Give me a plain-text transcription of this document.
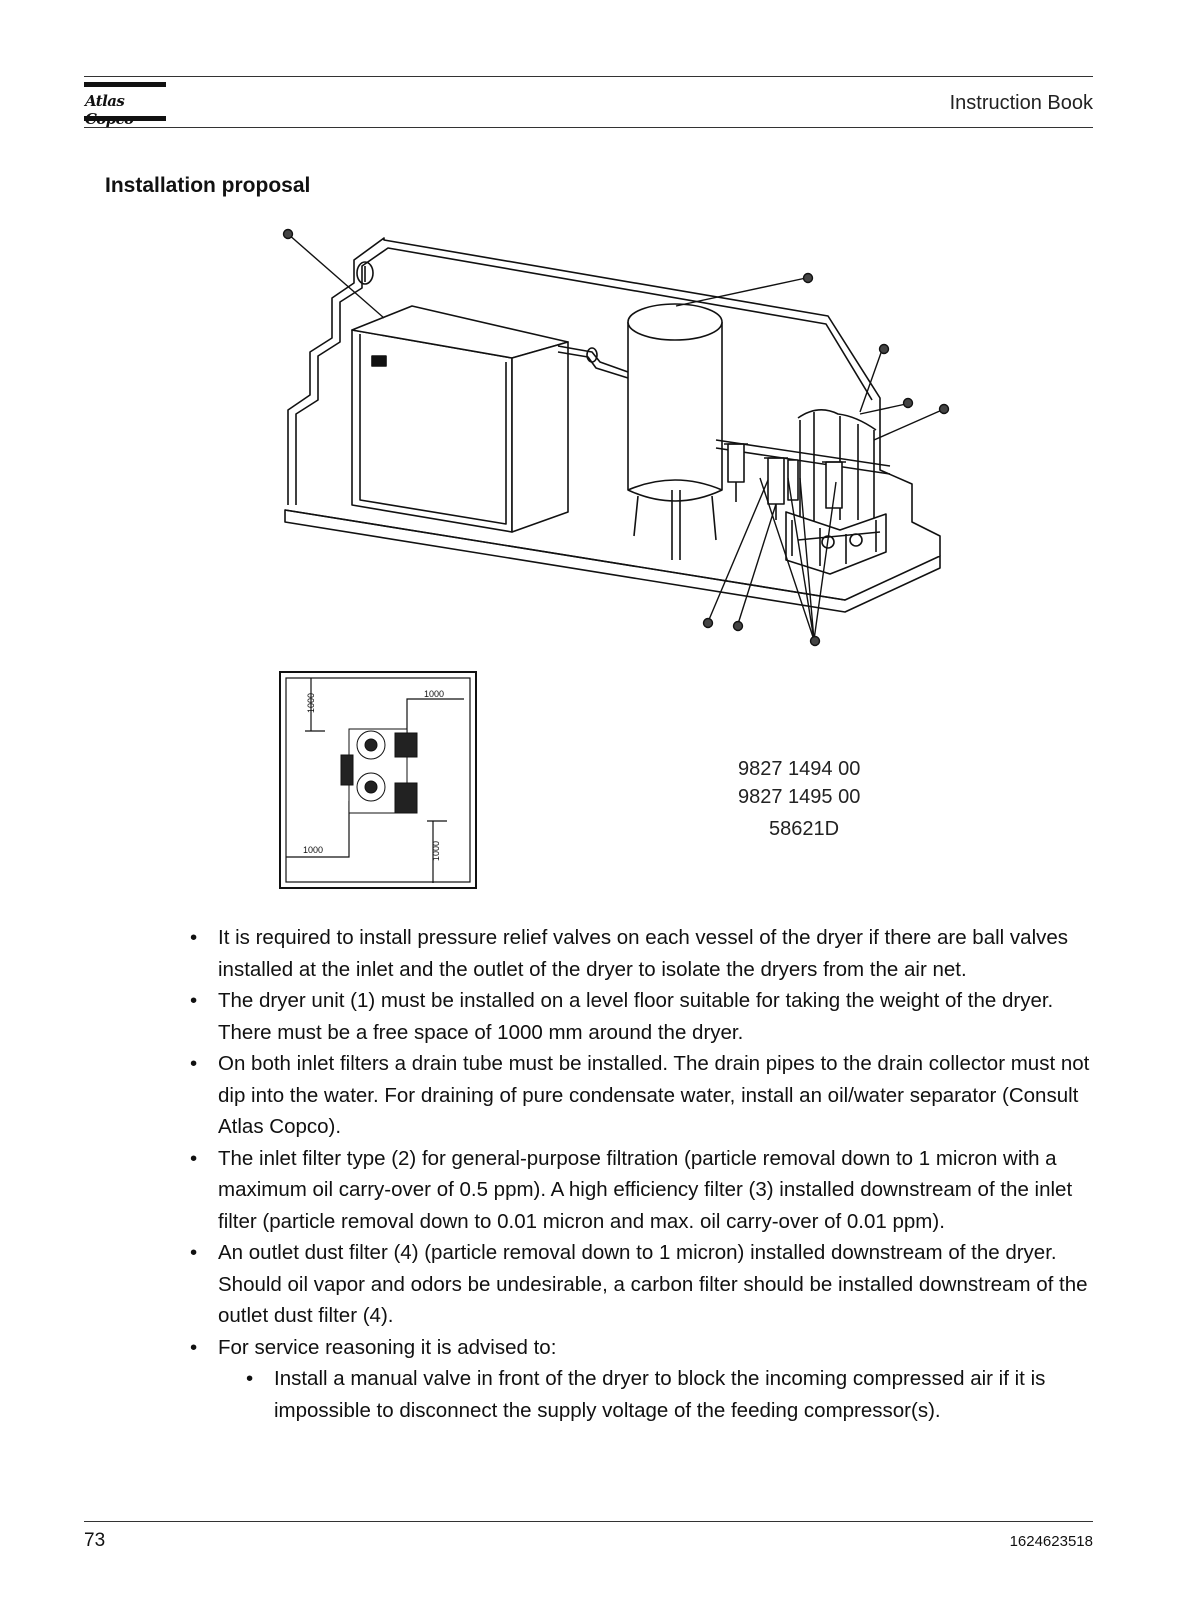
Atlas	Instruction Book
Installation proposal
1000	1000
1000	1000
9827 1494 00
9827 1495 00
58621D
• It is required to install pressure relief valves on each vessel of the dryer if there are ball valves installed at the inlet and the outlet of the dryer to isolate the dryers from the air net.
• The dryer unit (1) must be installed on a level floor suitable for taking the weight of the dryer. There must be a free space of 1000 mm around the dryer.
• On both inlet filters a drain tube must be installed. The drain pipes to the drain collector must not dip into the water. For draining of pure condensate water, install an oil/water separator (Consult Atlas Copco).
• The inlet filter type (2) for general-purpose filtration (particle removal down to 1 micron with a maximum oil carry-over of 0.5 ppm). A high efficiency filter (3) installed downstream of the inlet filter (particle removal down to 0.01 micron and max. oil carry-over of 0.01 ppm).
• An outlet dust filter (4) (particle removal down to 1 micron) installed downstream of the dryer. Should oil vapor and odors be undesirable, a carbon filter should be installed downstream of the outlet dust filter (4).
• For service reasoning it is advised to:
• Install a manual valve in front of the dryer to block the incoming compressed air if it is impossible to disconnect the supply voltage of the feeding compressor(s).
73	1624623518
